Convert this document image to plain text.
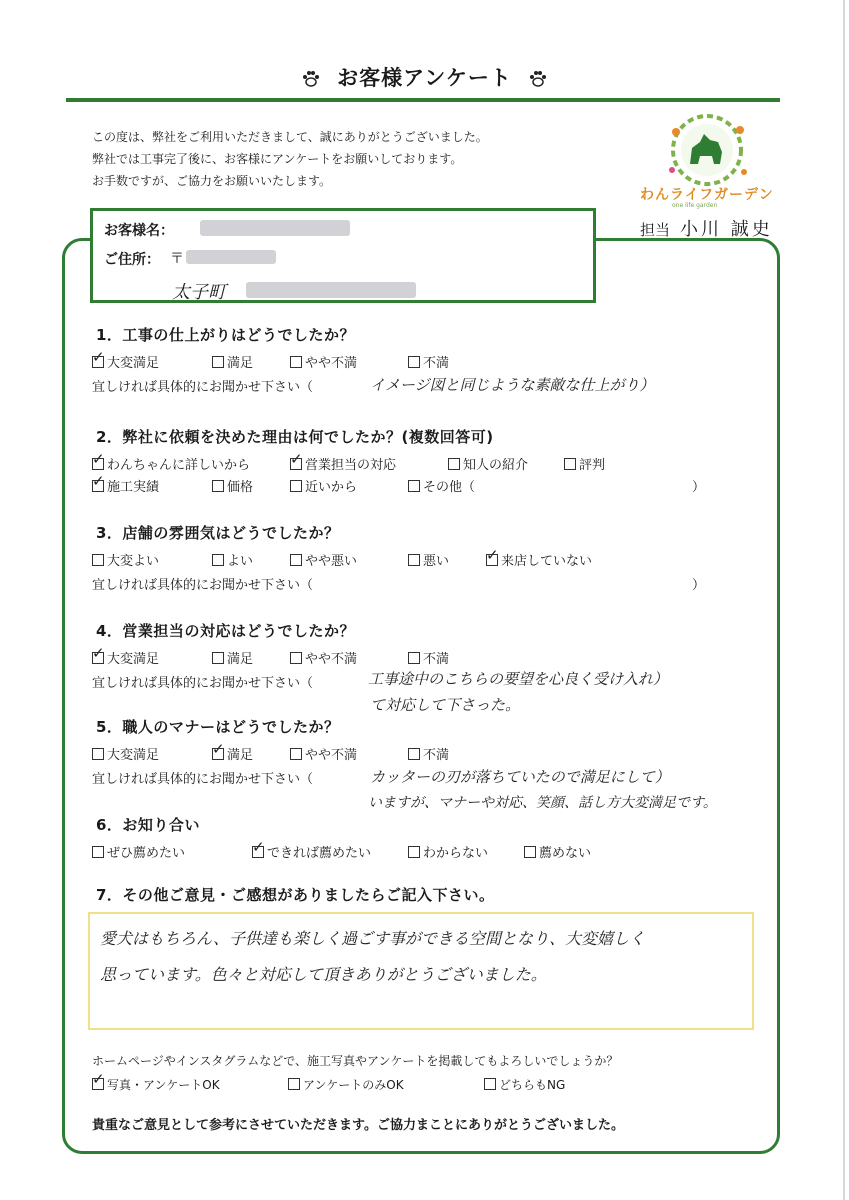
お客様アンケート
この度は、弊社をご利用いただきまして、誠にありがとうございました。
弊社では工事完了後に、お客様にアンケートをお願いしております。
お手数ですが、ご協力をお願いいたします。
わんライフガーデン
one life garden
担当 小川 誠史
お客様名：
ご住所： 〒
太子町
1．工事の仕上がりはどうでしたか？
✓大変満足	満足	やや不満	不満
宜しければ具体的にお聞かせ下さい（	イメージ図と同じような素敵な仕上がり）
2．弊社に依頼を決めた理由は何でしたか？(複数回答可)
✓わんちゃんに詳しいから ✓	営業担当の対応	知人の紹介	評判
✓施工実績	価格	近いから	その他（	）
3．店舗の雰囲気はどうでしたか？
大変よい	よい	やや悪い	悪い ✓	来店していない
宜しければ具体的にお聞かせ下さい（	）
4．営業担当の対応はどうでしたか？
✓大変満足	満足	やや不満	不満
宜しければ具体的にお聞かせ下さい（	工事途中のこちらの要望を心良く受け入れ）
て対応して下さった。
5．職人のマナーはどうでしたか？
大変満足 ✓	満足	やや不満	不満
宜しければ具体的にお聞かせ下さい（	カッターの刃が落ちていたので満足にして）
いますが、マナーや対応、笑顔、話し方大変満足です。
6．お知り合い
ぜひ薦めたい ✓	できれば薦めたい	わからない	薦めない
7．その他ご意見・ご感想がありましたらご記入下さい。
愛犬はもちろん、子供達も楽しく過ごす事ができる空間となり、大変嬉しく
思っています。色々と対応して頂きありがとうございました。
ホームページやインスタグラムなどで、施工写真やアンケートを掲載してもよろしいでしょうか？
✓写真・アンケートOK	アンケートのみOK	どちらもNG
貴重なご意見として参考にさせていただきます。ご協力まことにありがとうございました。
